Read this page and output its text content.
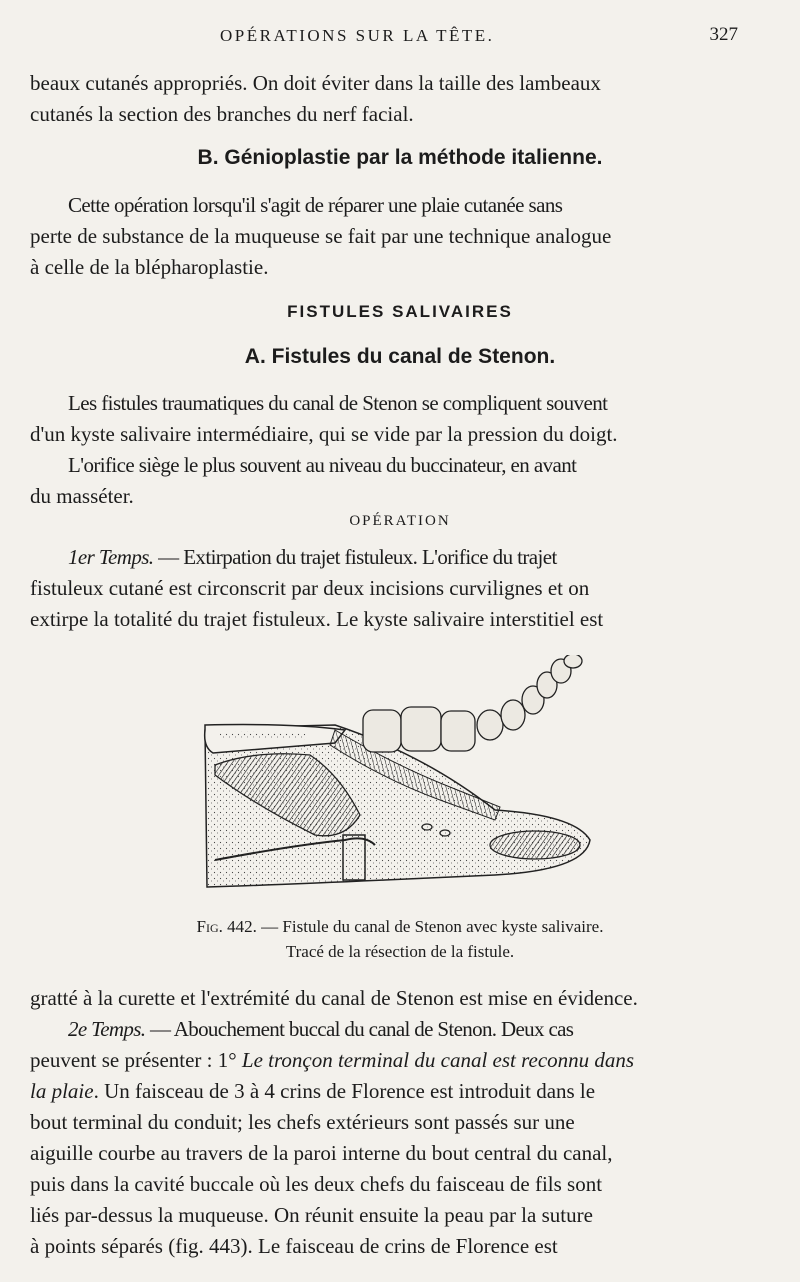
OPÉRATIONS SUR LA TÊTE.	327
beaux cutanés appropriés. On doit éviter dans la taille des lambeaux
cutanés la section des branches du nerf facial.
B. Génioplastie par la méthode italienne.
Cette opération lorsqu'il s'agit de réparer une plaie cutanée sans
perte de substance de la muqueuse se fait par une technique analogue
à celle de la blépharoplastie.
FISTULES SALIVAIRES
A. Fistules du canal de Stenon.
Les fistules traumatiques du canal de Stenon se compliquent souvent
d'un kyste salivaire intermédiaire, qui se vide par la pression du doigt.
L'orifice siège le plus souvent au niveau du buccinateur, en avant
du masséter.
OPÉRATION
1er Temps. — Extirpation du trajet fistuleux. L'orifice du trajet
fistuleux cutané est circonscrit par deux incisions curvilignes et on
extirpe la totalité du trajet fistuleux. Le kyste salivaire interstitiel est
Fig. 442. — Fistule du canal de Stenon avec kyste salivaire.
Tracé de la résection de la fistule.
gratté à la curette et l'extrémité du canal de Stenon est mise en évidence.
2e Temps. — Abouchement buccal du canal de Stenon. Deux cas
peuvent se présenter : 1° Le tronçon terminal du canal est reconnu dans
la plaie. Un faisceau de 3 à 4 crins de Florence est introduit dans le
bout terminal du conduit; les chefs extérieurs sont passés sur une
aiguille courbe au travers de la paroi interne du bout central du canal,
puis dans la cavité buccale où les deux chefs du faisceau de fils sont
liés par-dessus la muqueuse. On réunit ensuite la peau par la suture
à points séparés (fig. 443). Le faisceau de crins de Florence est
